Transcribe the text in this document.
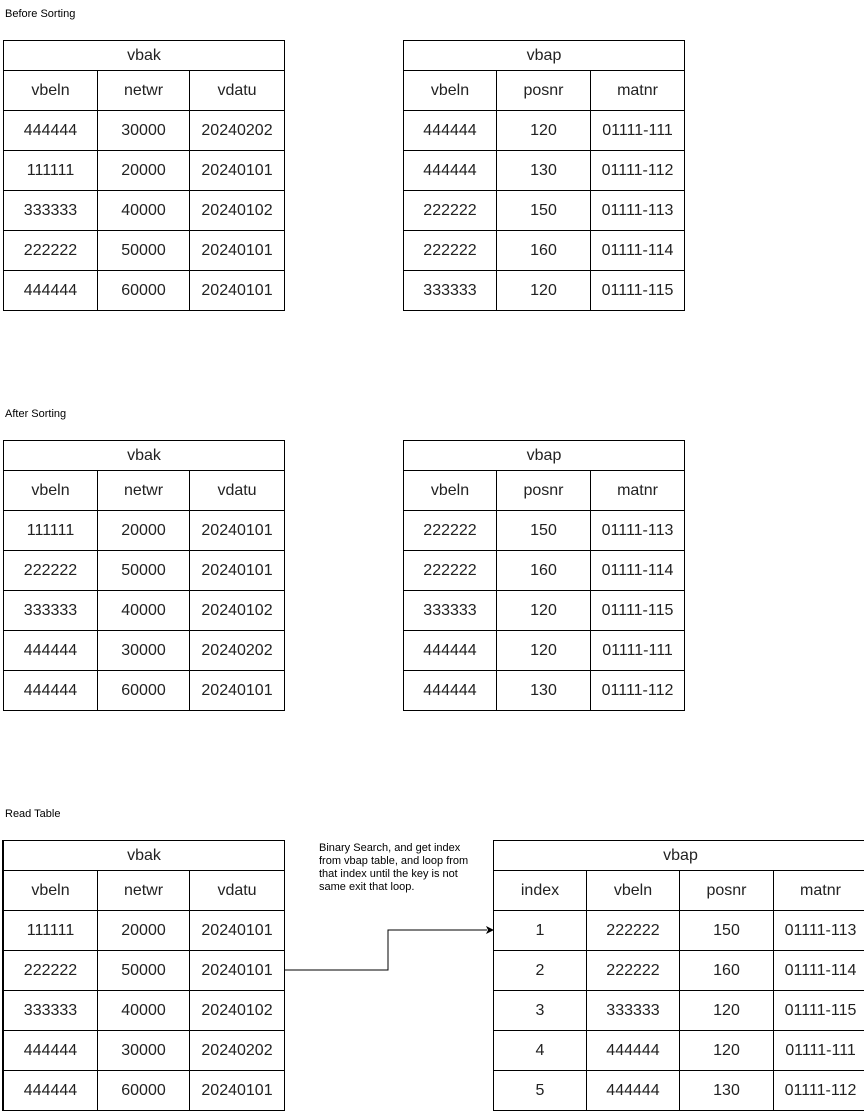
Before Sorting
vbak		
vbeln	netwr	vdatu
444444	30000	20240202
111111	20000	20240101
333333	40000	20240102
222222	50000	20240101
444444	60000	20240101
vbap		
vbeln	posnr	matnr
444444	120	01111-111
444444	130	01111-112
222222	150	01111-113
222222	160	01111-114
333333	120	01111-115
After Sorting
vbak		
vbeln	netwr	vdatu
111111	20000	20240101
222222	50000	20240101
333333	40000	20240102
444444	30000	20240202
444444	60000	20240101
vbap		
vbeln	posnr	matnr
222222	150	01111-113
222222	160	01111-114
333333	120	01111-115
444444	120	01111-111
444444	130	01111-112
Read Table
vbak		
vbeln	netwr	vdatu
111111	20000	20240101
222222	50000	20240101
333333	40000	20240102
444444	30000	20240202
444444	60000	20240101
Binary Search, and get index from vbap table, and loop from that index until the key is not same exit that loop.
vbap			
index	vbeln	posnr	matnr
1	222222	150	01111-113
2	222222	160	01111-114
3	333333	120	01111-115
4	444444	120	01111-111
5	444444	130	01111-112
